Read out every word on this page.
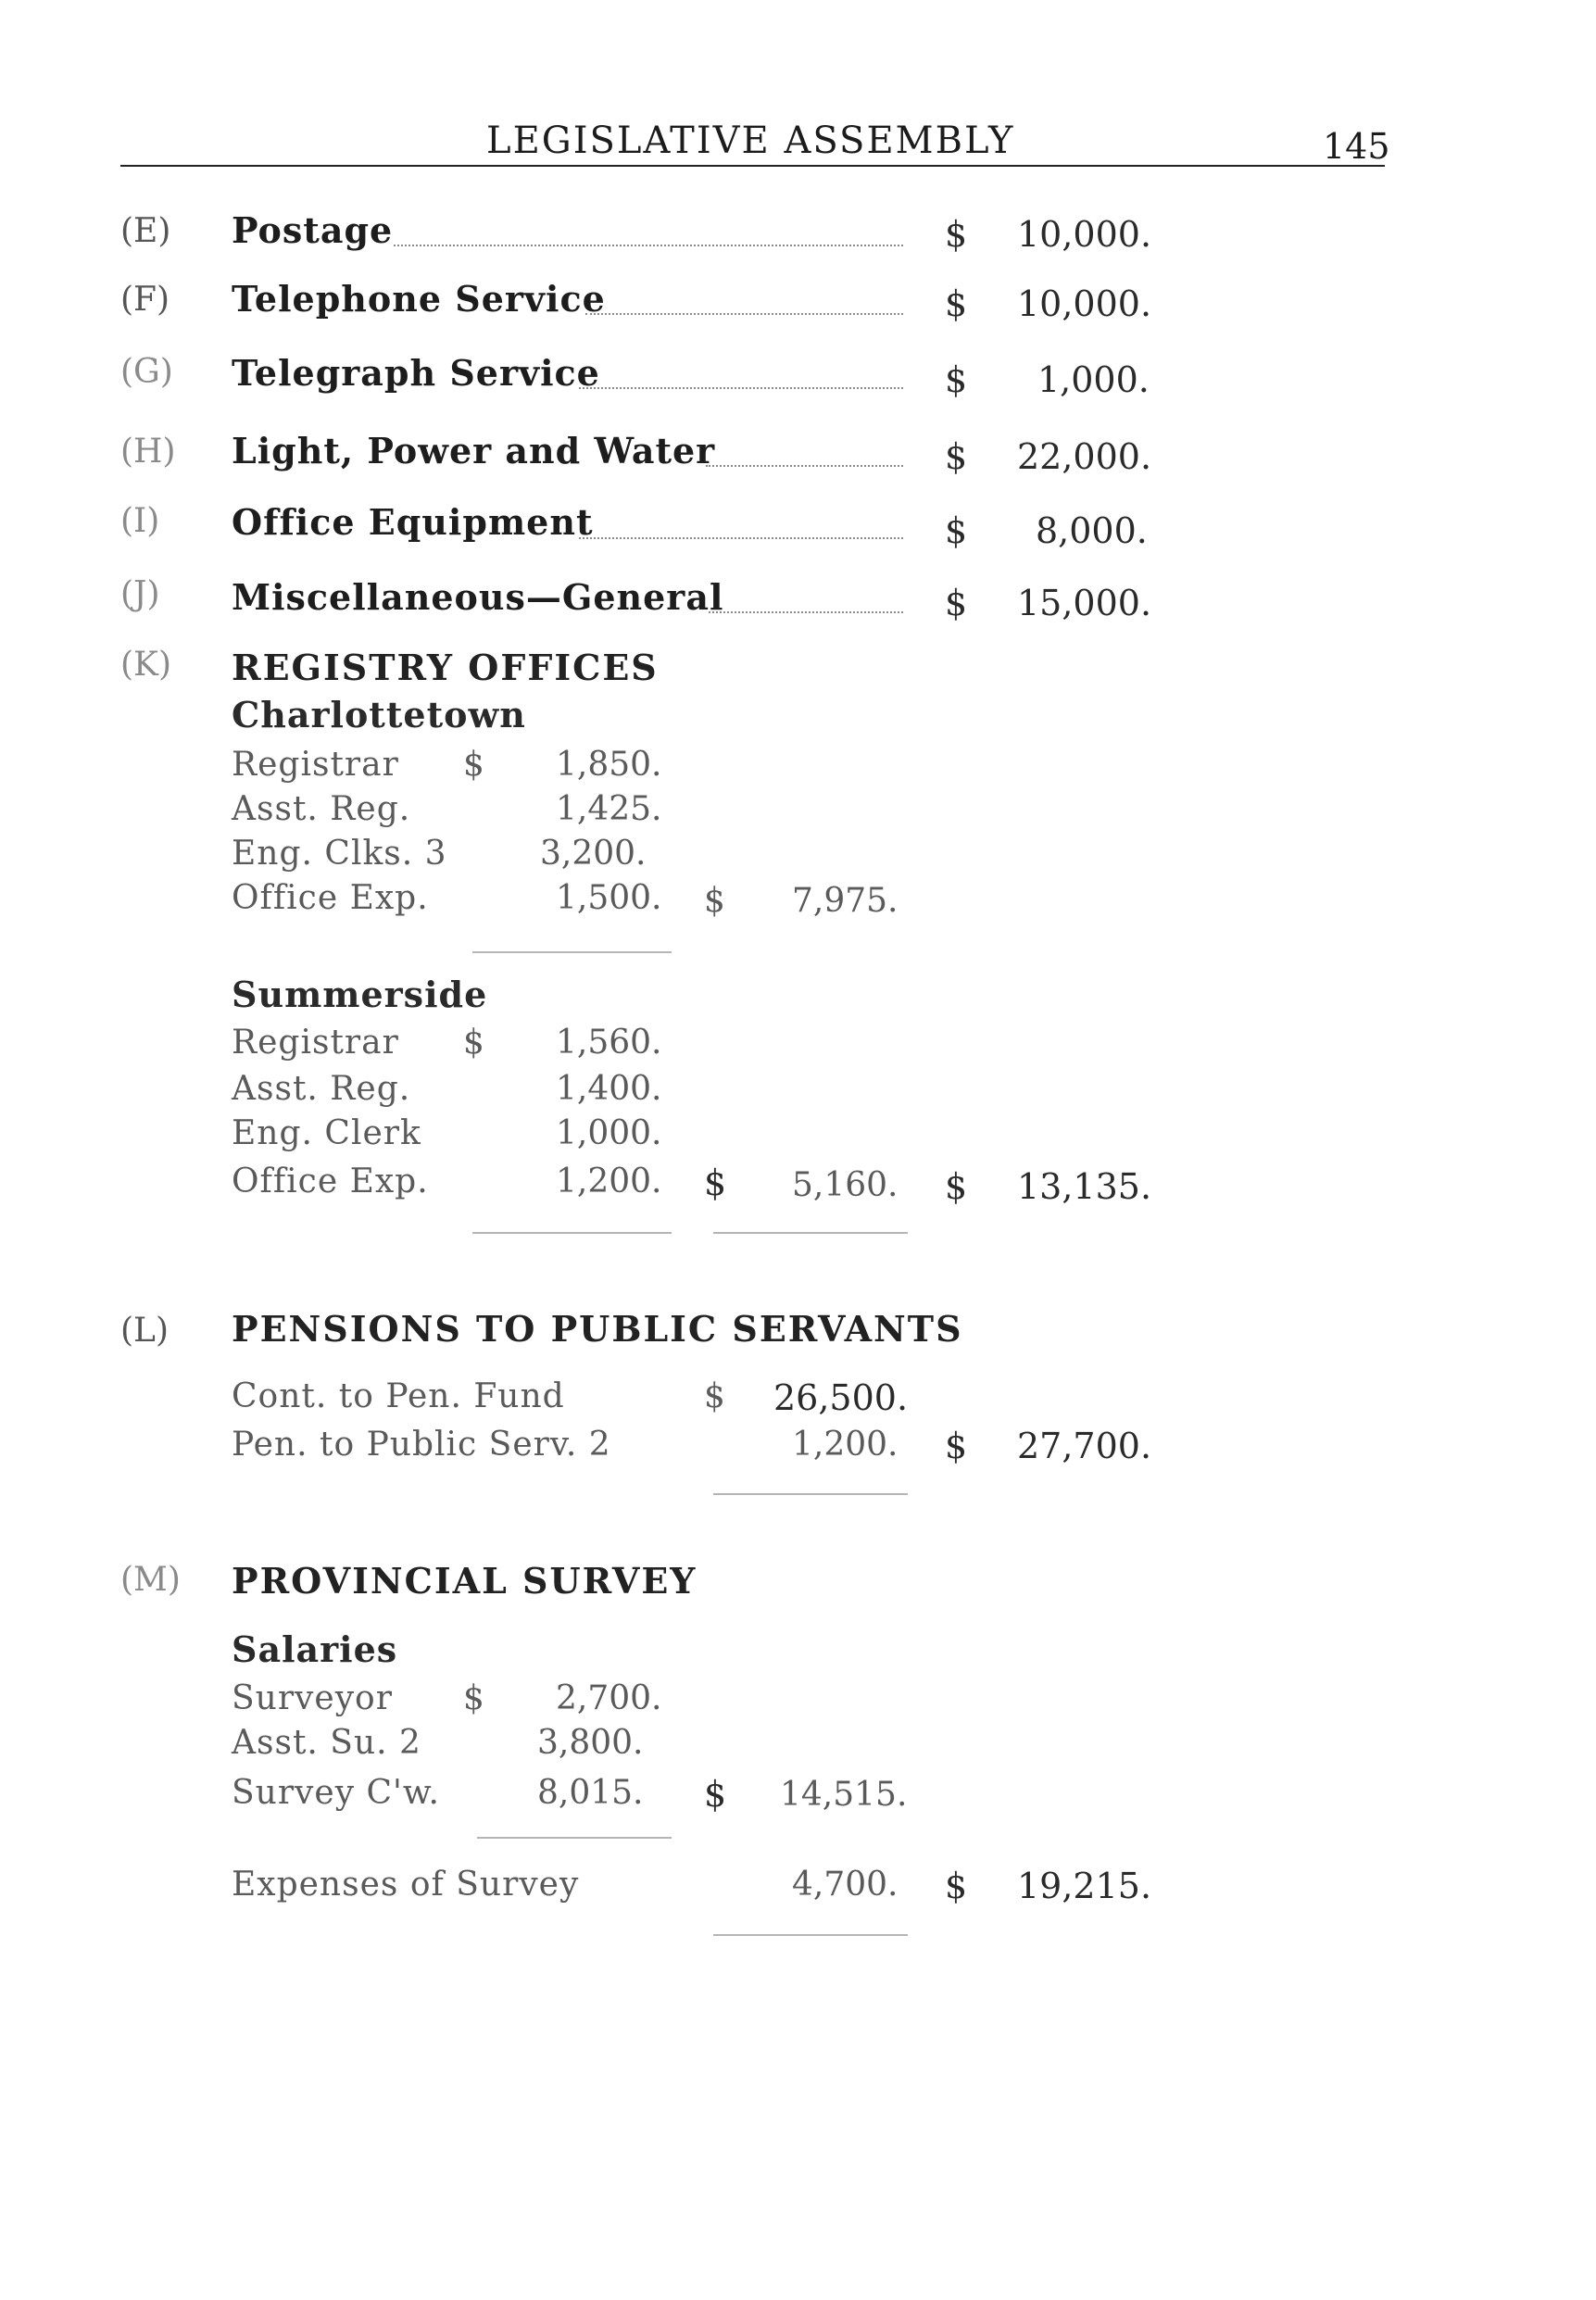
LEGISLATIVE ASSEMBLY	145
(E) Postage	$ 10,000.
(F) Telephone Service	$ 10,000.
(G) Telegraph Service	$ 1,000.
(H) Light, Power and Water	$ 22,000.
(I) Office Equipment	$ 8,000.
(J) Miscellaneous—General	$ 15,000.
(K) REGISTRY OFFICES
Charlottetown
Registrar $ 1,850.
Asst. Reg.	1,425.
Eng. Clks. 3	3,200.
Office Exp.	1,500. $ 7,975.
Summerside
Registrar $ 1,560.
Asst. Reg.	1,400.
Eng. Clerk	1,000.
Office Exp.	1,200. $ 5,160. $ 13,135.
(L) PENSIONS TO PUBLIC SERVANTS
Cont. to Pen. Fund	$ 26,500.
Pen. to Public Serv. 2	1,200. $ 27,700.
(M) PROVINCIAL SURVEY
Salaries
Surveyor $ 2,700.
Asst. Su. 2	3,800.
Survey C'w.	8,015. $ 14,515.
Expenses of Survey	4,700. $ 19,215.
